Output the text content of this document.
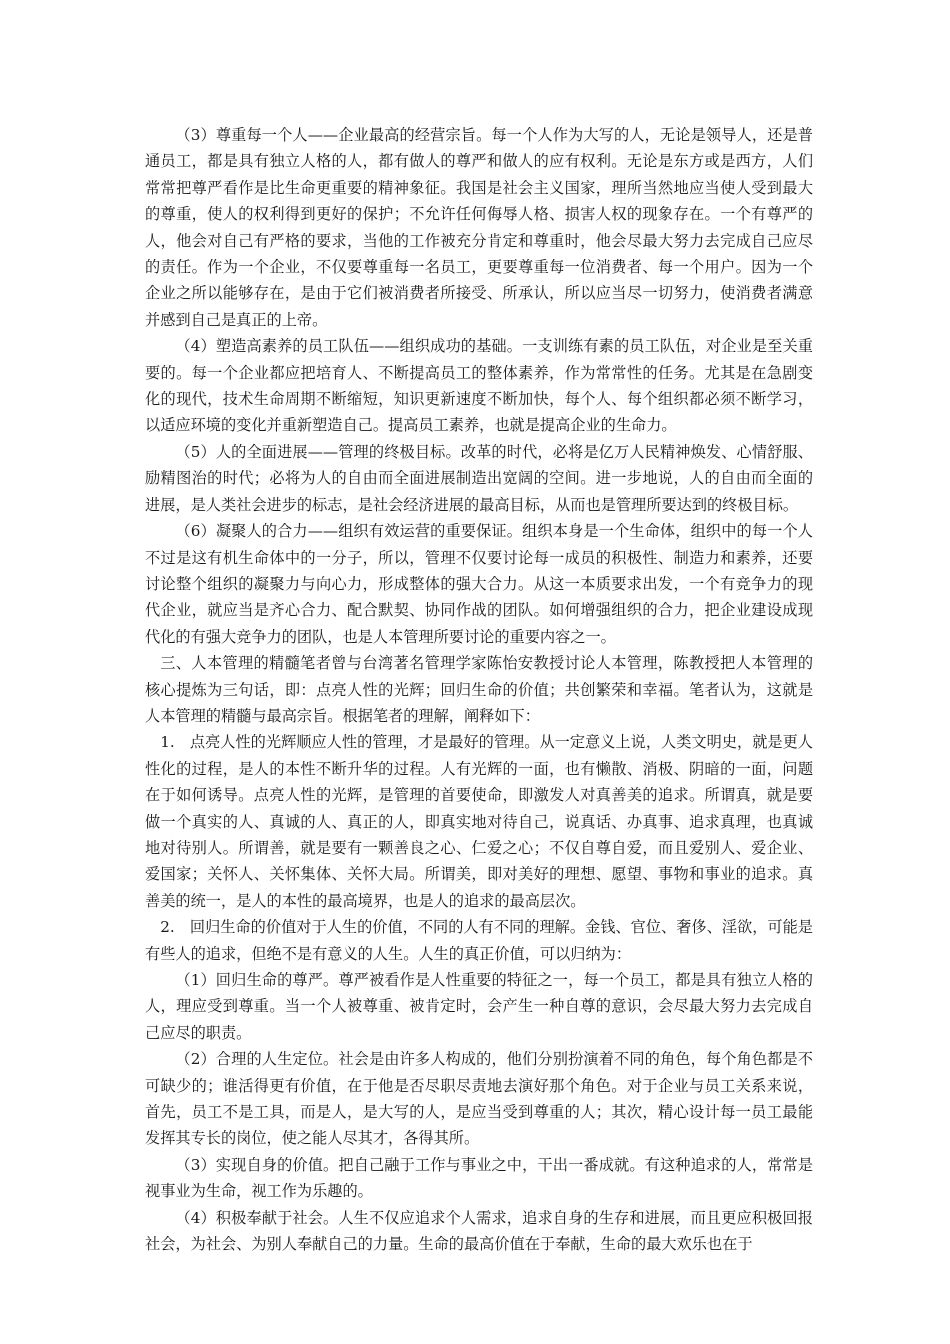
（3）尊重每一个人——企业最高的经营宗旨。每一个人作为大写的人，无论是领导人，还是普通员工，都是具有独立人格的人，都有做人的尊严和做人的应有权利。无论是东方或是西方，人们常常把尊严看作是比生命更重要的精神象征。我国是社会主义国家，理所当然地应当使人受到最大的尊重，使人的权利得到更好的保护；不允许任何侮辱人格、损害人权的现象存在。一个有尊严的人，他会对自己有严格的要求，当他的工作被充分肯定和尊重时，他会尽最大努力去完成自己应尽的责任。作为一个企业，不仅要尊重每一名员工，更要尊重每一位消费者、每一个用户。因为一个企业之所以能够存在，是由于它们被消费者所接受、所承认，所以应当尽一切努力，使消费者满意并感到自己是真正的上帝。

（4）塑造高素养的员工队伍——组织成功的基础。一支训练有素的员工队伍，对企业是至关重要的。每一个企业都应把培育人、不断提高员工的整体素养，作为常常性的任务。尤其是在急剧变化的现代，技术生命周期不断缩短，知识更新速度不断加快，每个人、每个组织都必须不断学习，以适应环境的变化并重新塑造自己。提高员工素养，也就是提高企业的生命力。

（5）人的全面进展——管理的终极目标。改革的时代，必将是亿万人民精神焕发、心情舒服、励精图治的时代；必将为人的自由而全面进展制造出宽阔的空间。进一步地说，人的自由而全面的进展，是人类社会进步的标志，是社会经济进展的最高目标，从而也是管理所要达到的终极目标。

（6）凝聚人的合力——组织有效运营的重要保证。组织本身是一个生命体，组织中的每一个人不过是这有机生命体中的一分子，所以，管理不仅要讨论每一成员的积极性、制造力和素养，还要讨论整个组织的凝聚力与向心力，形成整体的强大合力。从这一本质要求出发，一个有竞争力的现代企业，就应当是齐心合力、配合默契、协同作战的团队。如何增强组织的合力，把企业建设成现代化的有强大竞争力的团队，也是人本管理所要讨论的重要内容之一。

三、人本管理的精髓笔者曾与台湾著名管理学家陈怡安教授讨论人本管理，陈教授把人本管理的核心提炼为三句话，即：点亮人性的光辉；回归生命的价值；共创繁荣和幸福。笔者认为，这就是人本管理的精髓与最高宗旨。根据笔者的理解，阐释如下：

1.　点亮人性的光辉顺应人性的管理，才是最好的管理。从一定意义上说，人类文明史，就是更人性化的过程，是人的本性不断升华的过程。人有光辉的一面，也有懒散、消极、阴暗的一面，问题在于如何诱导。点亮人性的光辉，是管理的首要使命，即激发人对真善美的追求。所谓真，就是要做一个真实的人、真诚的人、真正的人，即真实地对待自己，说真话、办真事、追求真理，也真诚地对待别人。所谓善，就是要有一颗善良之心、仁爱之心；不仅自尊自爱，而且爱别人、爱企业、爱国家；关怀人、关怀集体、关怀大局。所谓美，即对美好的理想、愿望、事物和事业的追求。真善美的统一，是人的本性的最高境界，也是人的追求的最高层次。

2.　回归生命的价值对于人生的价值，不同的人有不同的理解。金钱、官位、奢侈、淫欲，可能是有些人的追求，但绝不是有意义的人生。人生的真正价值，可以归纳为：

（1）回归生命的尊严。尊严被看作是人性重要的特征之一，每一个员工，都是具有独立人格的人，理应受到尊重。当一个人被尊重、被肯定时，会产生一种自尊的意识，会尽最大努力去完成自己应尽的职责。

（2）合理的人生定位。社会是由许多人构成的，他们分别扮演着不同的角色，每个角色都是不可缺少的；谁活得更有价值，在于他是否尽职尽责地去演好那个角色。对于企业与员工关系来说，首先，员工不是工具，而是人，是大写的人，是应当受到尊重的人；其次，精心设计每一员工最能发挥其专长的岗位，使之能人尽其才，各得其所。

（3）实现自身的价值。把自己融于工作与事业之中，干出一番成就。有这种追求的人，常常是视事业为生命，视工作为乐趣的。

（4）积极奉献于社会。人生不仅应追求个人需求，追求自身的生存和进展，而且更应积极回报社会，为社会、为别人奉献自己的力量。生命的最高价值在于奉献，生命的最大欢乐也在于
